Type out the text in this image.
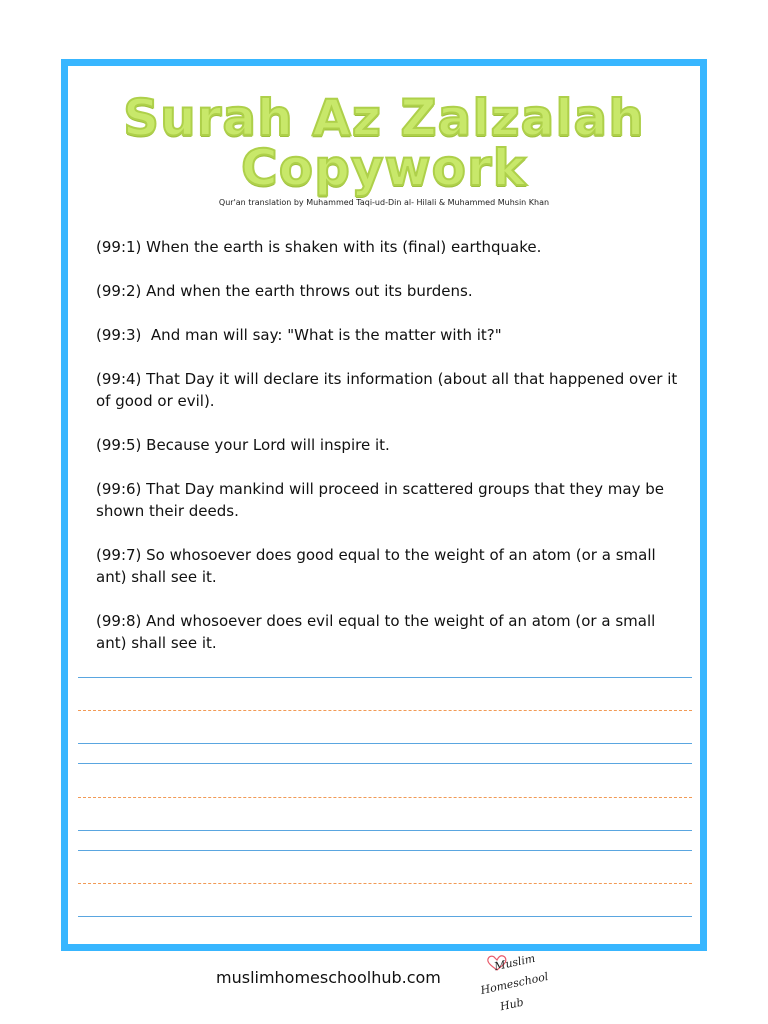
Surah Az Zalzalah
Copywork
Qur'an translation by Muhammed Taqi-ud-Din al- Hilali & Muhammed Muhsin Khan
(99:1) When the earth is shaken with its (final) earthquake.
(99:2) And when the earth throws out its burdens.
(99:3)  And man will say: "What is the matter with it?"
(99:4) That Day it will declare its information (about all that happened over it of good or evil).
(99:5) Because your Lord will inspire it.
(99:6) That Day mankind will proceed in scattered groups that they may be shown their deeds.
(99:7) So whosoever does good equal to the weight of an atom (or a small ant) shall see it.
(99:8) And whosoever does evil equal to the weight of an atom (or a small ant) shall see it.
muslimhomeschoolhub.com
Muslim
Homeschool
Hub
